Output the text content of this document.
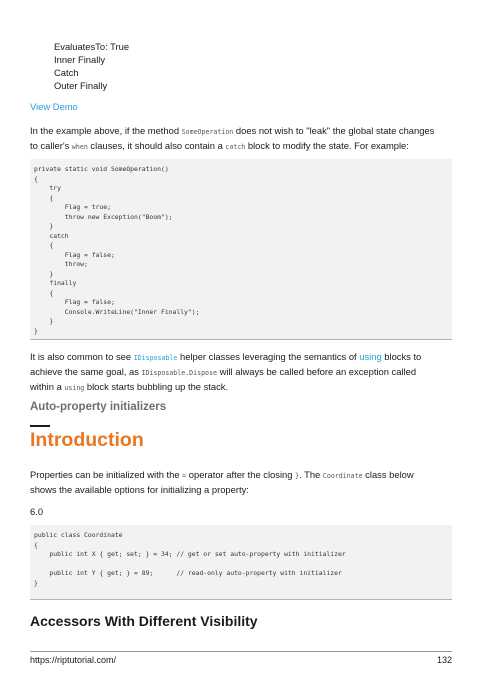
EvaluatesTo: True
Inner Finally
Catch
Outer Finally
View Demo
In the example above, if the method SomeOperation does not wish to "leak" the global state changes
to caller's when clauses, it should also contain a catch block to modify the state. For example:
private static void SomeOperation()
{
try
{
Flag = true;
throw new Exception("Boom");
}
catch
{
Flag = false;
throw;
}
finally
{
Flag = false;
Console.WriteLine("Inner Finally");
}
}
It is also common to see IDisposable helper classes leveraging the semantics of using blocks to
achieve the same goal, as IDisposable.Dispose will always be called before an exception called
within a using block starts bubbling up the stack.
Auto-property initializers
Introduction
Properties can be initialized with the = operator after the closing }. The Coordinate class below
shows the available options for initializing a property:
6.0
public class Coordinate
{
public int X { get; set; } = 34; // get or set auto-property with initializer
public int Y { get; } = 89;      // read-only auto-property with initializer
}
Accessors With Different Visibility
https://riptutorial.com/	132
